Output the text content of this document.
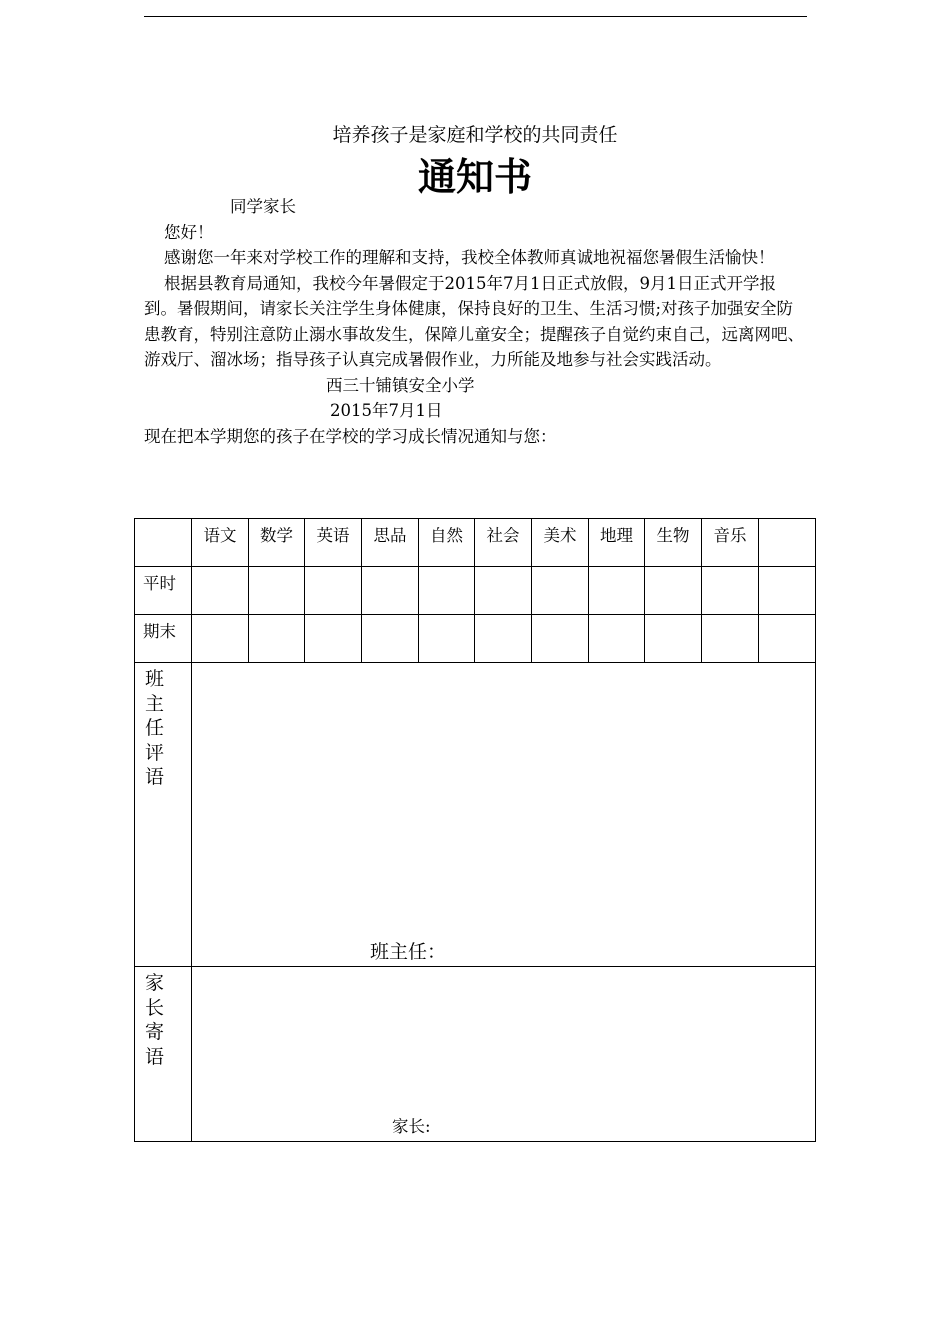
培养孩子是家庭和学校的共同责任
通知书

同学家长

您好！

感谢您一年来对学校工作的理解和支持，我校全体教师真诚地祝福您暑假生活愉快！

根据县教育局通知，我校今年暑假定于2015年7月1日正式放假，9月1日正式开学报到。暑假期间，请家长关注学生身体健康，保持良好的卫生、生活习惯;对孩子加强安全防患教育，特别注意防止溺水事故发生，保障儿童安全；提醒孩子自觉约束自己，远离网吧、游戏厅、溜冰场；指导孩子认真完成暑假作业，力所能及地参与社会实践活动。

西三十铺镇安全小学

2015年7月1日

现在把本学期您的孩子在学校的学习成长情况通知与您：

	语文	数学	英语	思品	自然	社会	美术	地理	生物	音乐	

平时											

期末											

班主任评语	班主任：										

家长寄语	家长:										
